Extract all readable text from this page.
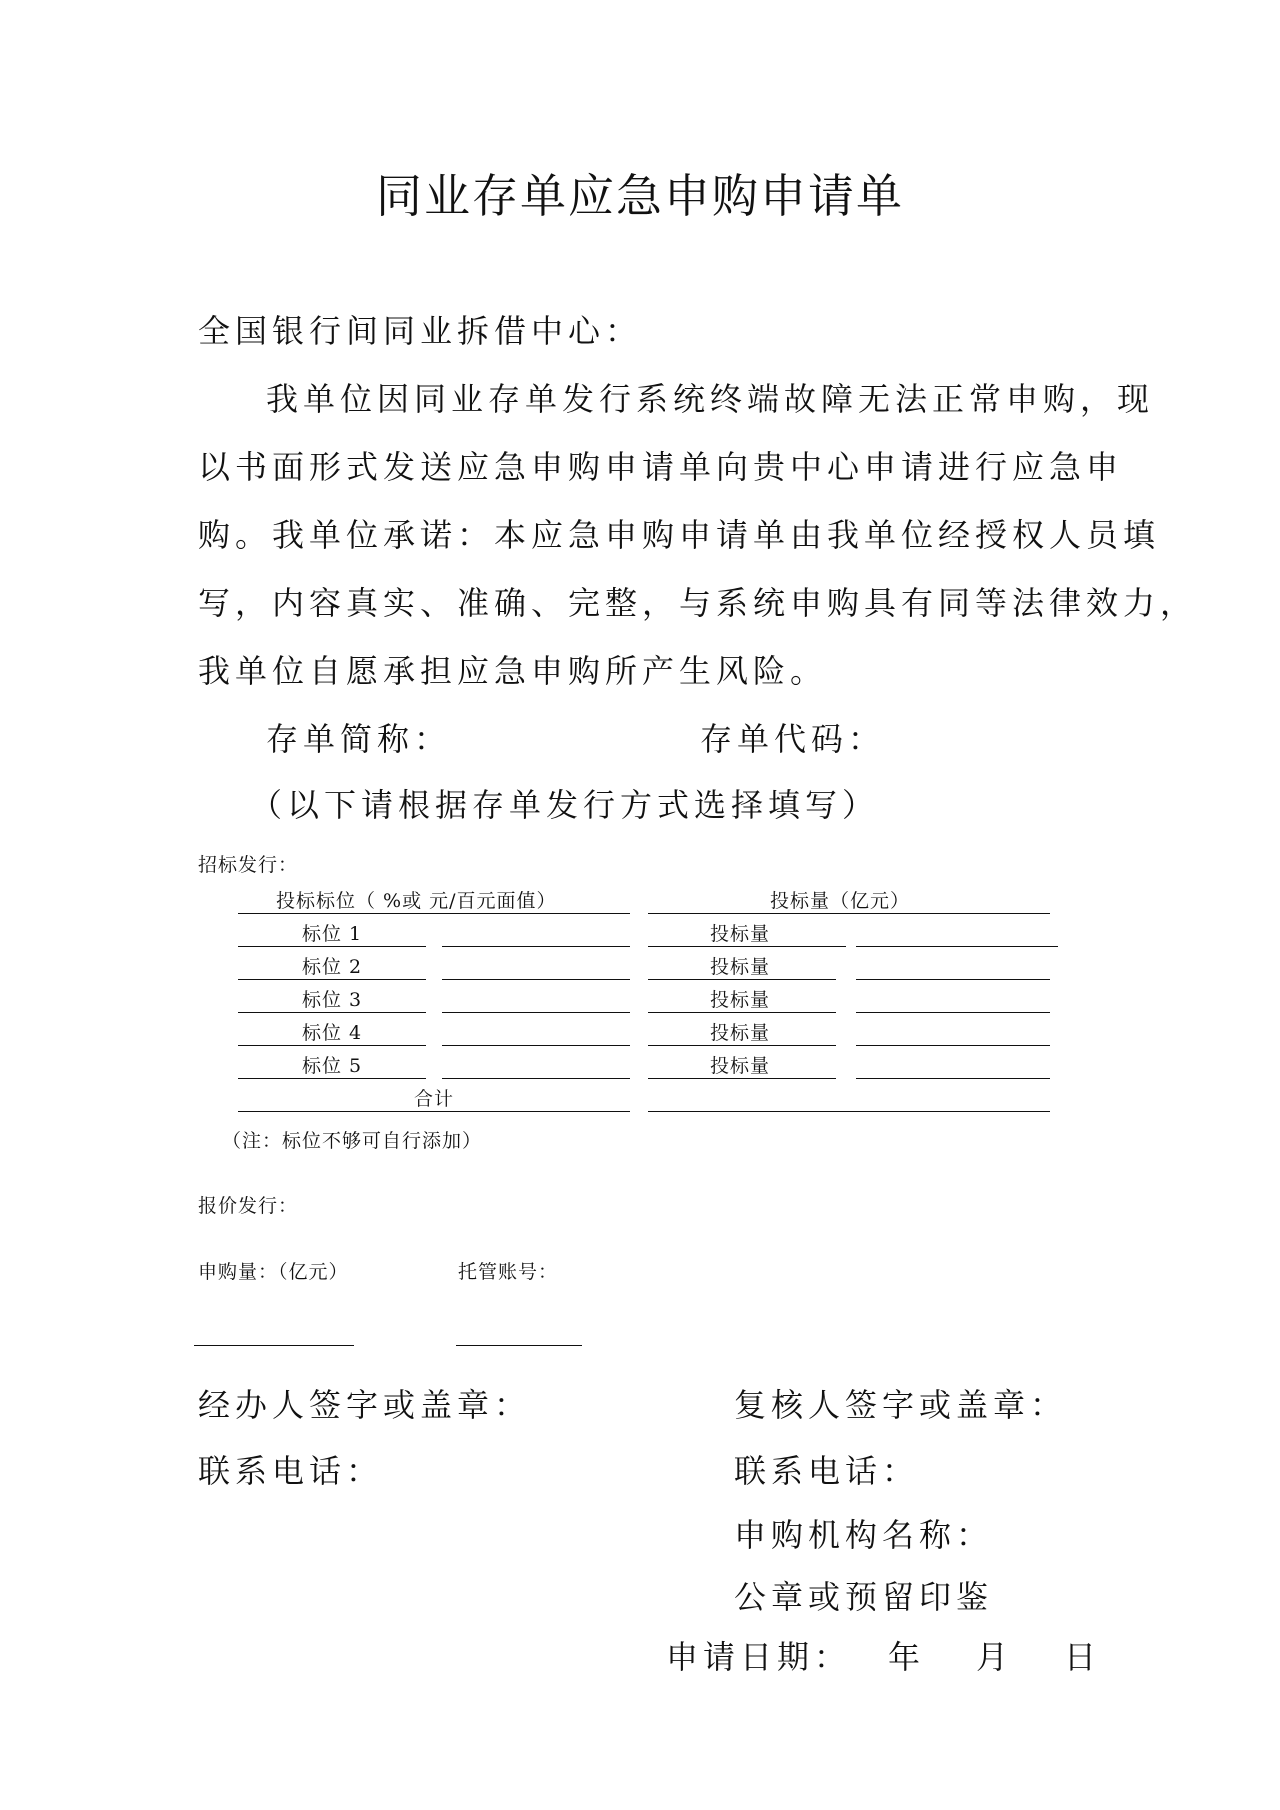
同业存单应急申购申请单
全国银行间同业拆借中心：
我单位因同业存单发行系统终端故障无法正常申购，现
以书面形式发送应急申购申请单向贵中心申请进行应急申
购。我单位承诺：本应急申购申请单由我单位经授权人员填
写，内容真实、准确、完整，与系统申购具有同等法律效力，
我单位自愿承担应急申购所产生风险。
存单简称：	存单代码：
（以下请根据存单发行方式选择填写）
招标发行：
投标标位（ %或 元/百元面值）	投标量（亿元）
标位 1	投标量
标位 2	投标量
标位 3	投标量
标位 4	投标量
标位 5	投标量
合计
（注：标位不够可自行添加）
报价发行：
申购量：（亿元）	托管账号：
经办人签字或盖章：	复核人签字或盖章：
联系电话：	联系电话：
申购机构名称：
公章或预留印鉴
申请日期： 年 月 日
